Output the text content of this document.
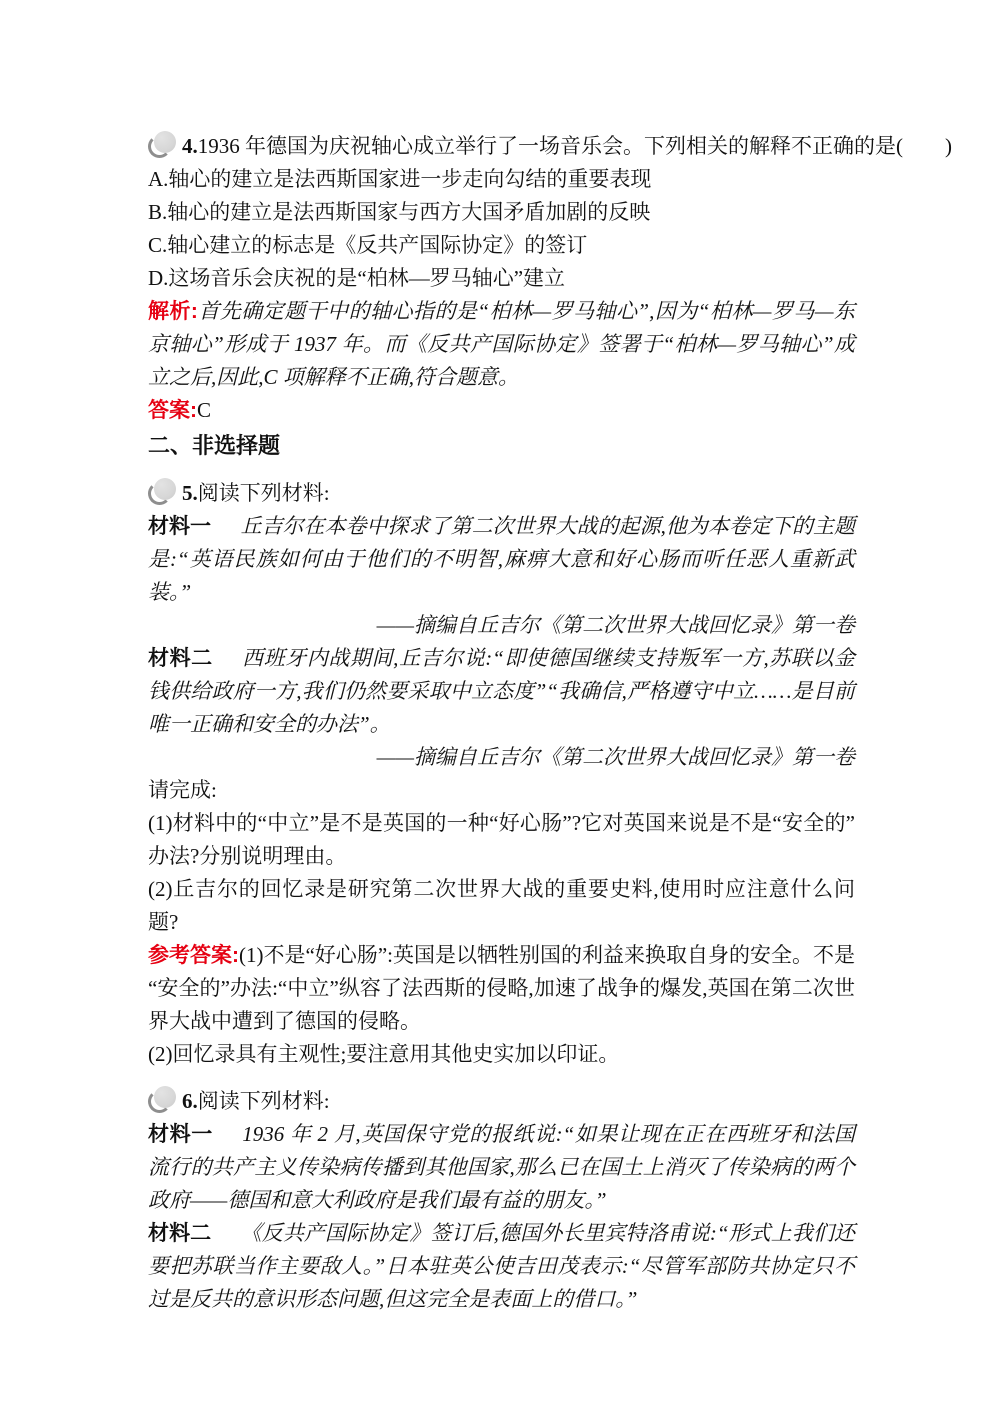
4.1936 年德国为庆祝轴心成立举行了一场音乐会。下列相关的解释不正确的是(　　)

A.轴心的建立是法西斯国家进一步走向勾结的重要表现

B.轴心的建立是法西斯国家与西方大国矛盾加剧的反映

C.轴心建立的标志是《反共产国际协定》的签订

D.这场音乐会庆祝的是“柏林—罗马轴心”建立

解析:首先确定题干中的轴心指的是“柏林—罗马轴心”,因为“柏林—罗马—东京轴心”形成于 1937 年。而《反共产国际协定》签署于“柏林—罗马轴心”成立之后,因此,C 项解释不正确,符合题意。

答案:C

二、非选择题

5.阅读下列材料:

材料一 丘吉尔在本卷中探求了第二次世界大战的起源,他为本卷定下的主题是:“英语民族如何由于他们的不明智,麻痹大意和好心肠而听任恶人重新武装。”

——摘编自丘吉尔《第二次世界大战回忆录》第一卷

材料二 西班牙内战期间,丘吉尔说:“即使德国继续支持叛军一方,苏联以金钱供给政府一方,我们仍然要采取中立态度”“我确信,严格遵守中立……是目前唯一正确和安全的办法”。

——摘编自丘吉尔《第二次世界大战回忆录》第一卷

请完成:

(1)材料中的“中立”是不是英国的一种“好心肠”?它对英国来说是不是“安全的”办法?分别说明理由。

(2)丘吉尔的回忆录是研究第二次世界大战的重要史料,使用时应注意什么问题?

参考答案:(1)不是“好心肠”:英国是以牺牲别国的利益来换取自身的安全。不是“安全的”办法:“中立”纵容了法西斯的侵略,加速了战争的爆发,英国在第二次世界大战中遭到了德国的侵略。

(2)回忆录具有主观性;要注意用其他史实加以印证。

6.阅读下列材料:

材料一 1936 年 2 月,英国保守党的报纸说:“如果让现在正在西班牙和法国流行的共产主义传染病传播到其他国家,那么已在国土上消灭了传染病的两个政府——德国和意大利政府是我们最有益的朋友。”

材料二 《反共产国际协定》签订后,德国外长里宾特洛甫说:“形式上我们还要把苏联当作主要敌人。”日本驻英公使吉田茂表示:“尽管军部防共协定只不过是反共的意识形态问题,但这完全是表面上的借口。”
